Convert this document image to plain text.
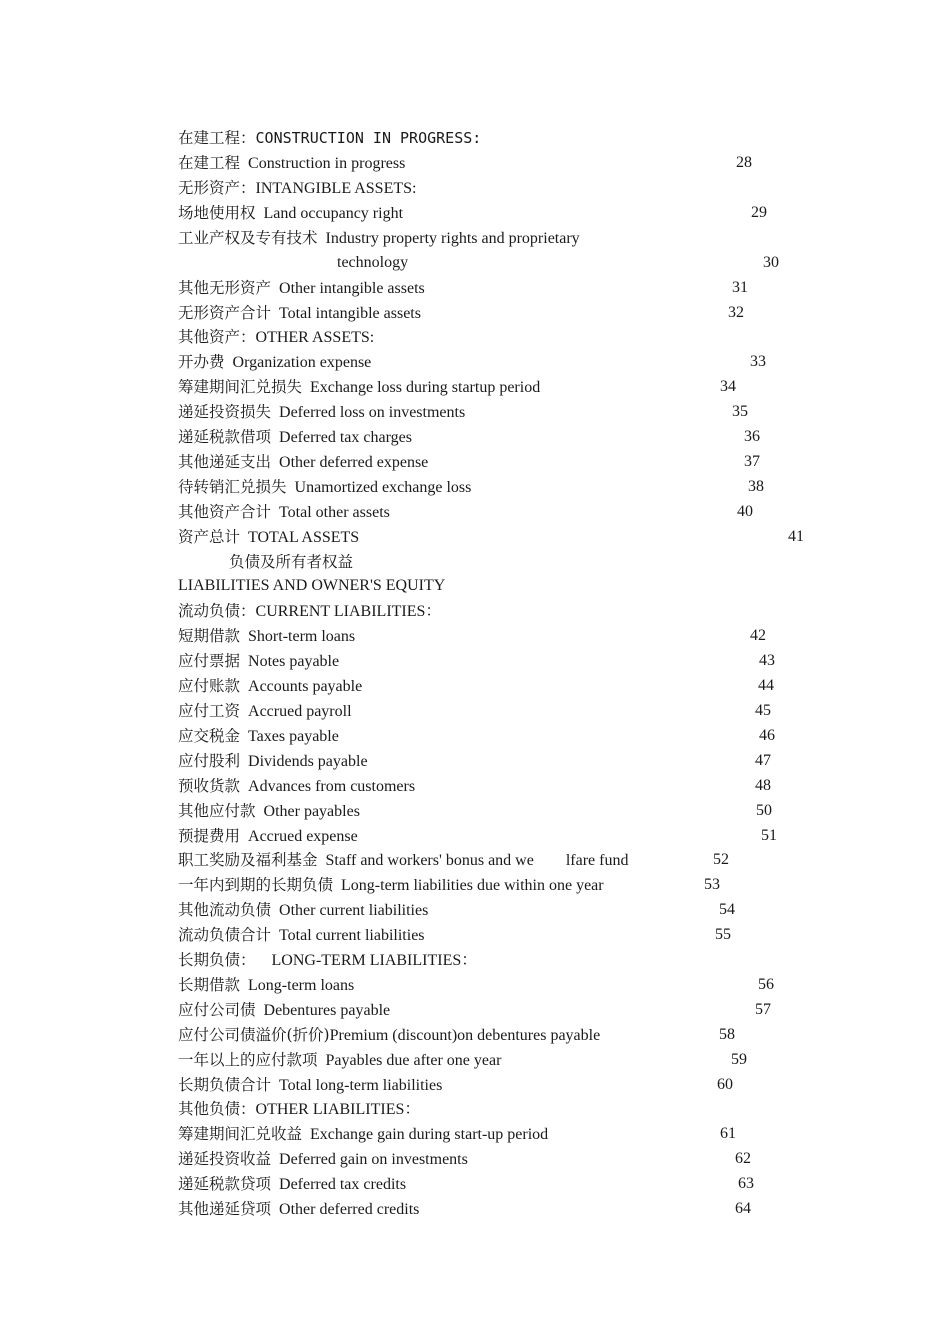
在建工程：CONSTRUCTION IN PROGRESS:
在建工程 Construction in progress	28
无形资产：INTANGIBLE ASSETS:
场地使用权 Land occupancy right	29
工业产权及专有技术 Industry property rights and proprietary
technology	30
其他无形资产 Other intangible assets	31
无形资产合计 Total intangible assets	32
其他资产：OTHER ASSETS:
开办费 Organization expense	33
筹建期间汇兑损失 Exchange loss during startup period	34
递延投资损失 Deferred loss on investments	35
递延税款借项 Deferred tax charges	36
其他递延支出 Other deferred expense	37
待转销汇兑损失 Unamortized exchange loss	38
其他资产合计 Total other assets	40
资产总计 TOTAL ASSETS	41
负债及所有者权益
LIABILITIES AND OWNER'S EQUITY
流动负债：CURRENT LIABILITIES：
短期借款 Short-term loans	42
应付票据 Notes payable	43
应付账款 Accounts payable	44
应付工资 Accrued payroll	45
应交税金 Taxes payable	46
应付股利 Dividends payable	47
预收货款 Advances from customers	48
其他应付款 Other payables	50
预提费用 Accrued expense	51
职工奖励及福利基金 Staff and workers' bonus and we        lfare fund	52
一年内到期的长期负债 Long-term liabilities due within one year	53
其他流动负债 Other current liabilities	54
流动负债合计 Total current liabilities	55
长期负债： LONG-TERM LIABILITIES：
长期借款 Long-term loans	56
应付公司债 Debentures payable	57
应付公司债溢价(折价)Premium (discount)on debentures payable	58
一年以上的应付款项 Payables due after one year	59
长期负债合计 Total long-term liabilities	60
其他负债：OTHER LIABILITIES：
筹建期间汇兑收益 Exchange gain during start-up period	61
递延投资收益 Deferred gain on investments	62
递延税款贷项 Deferred tax credits	63
其他递延贷项 Other deferred credits	64
